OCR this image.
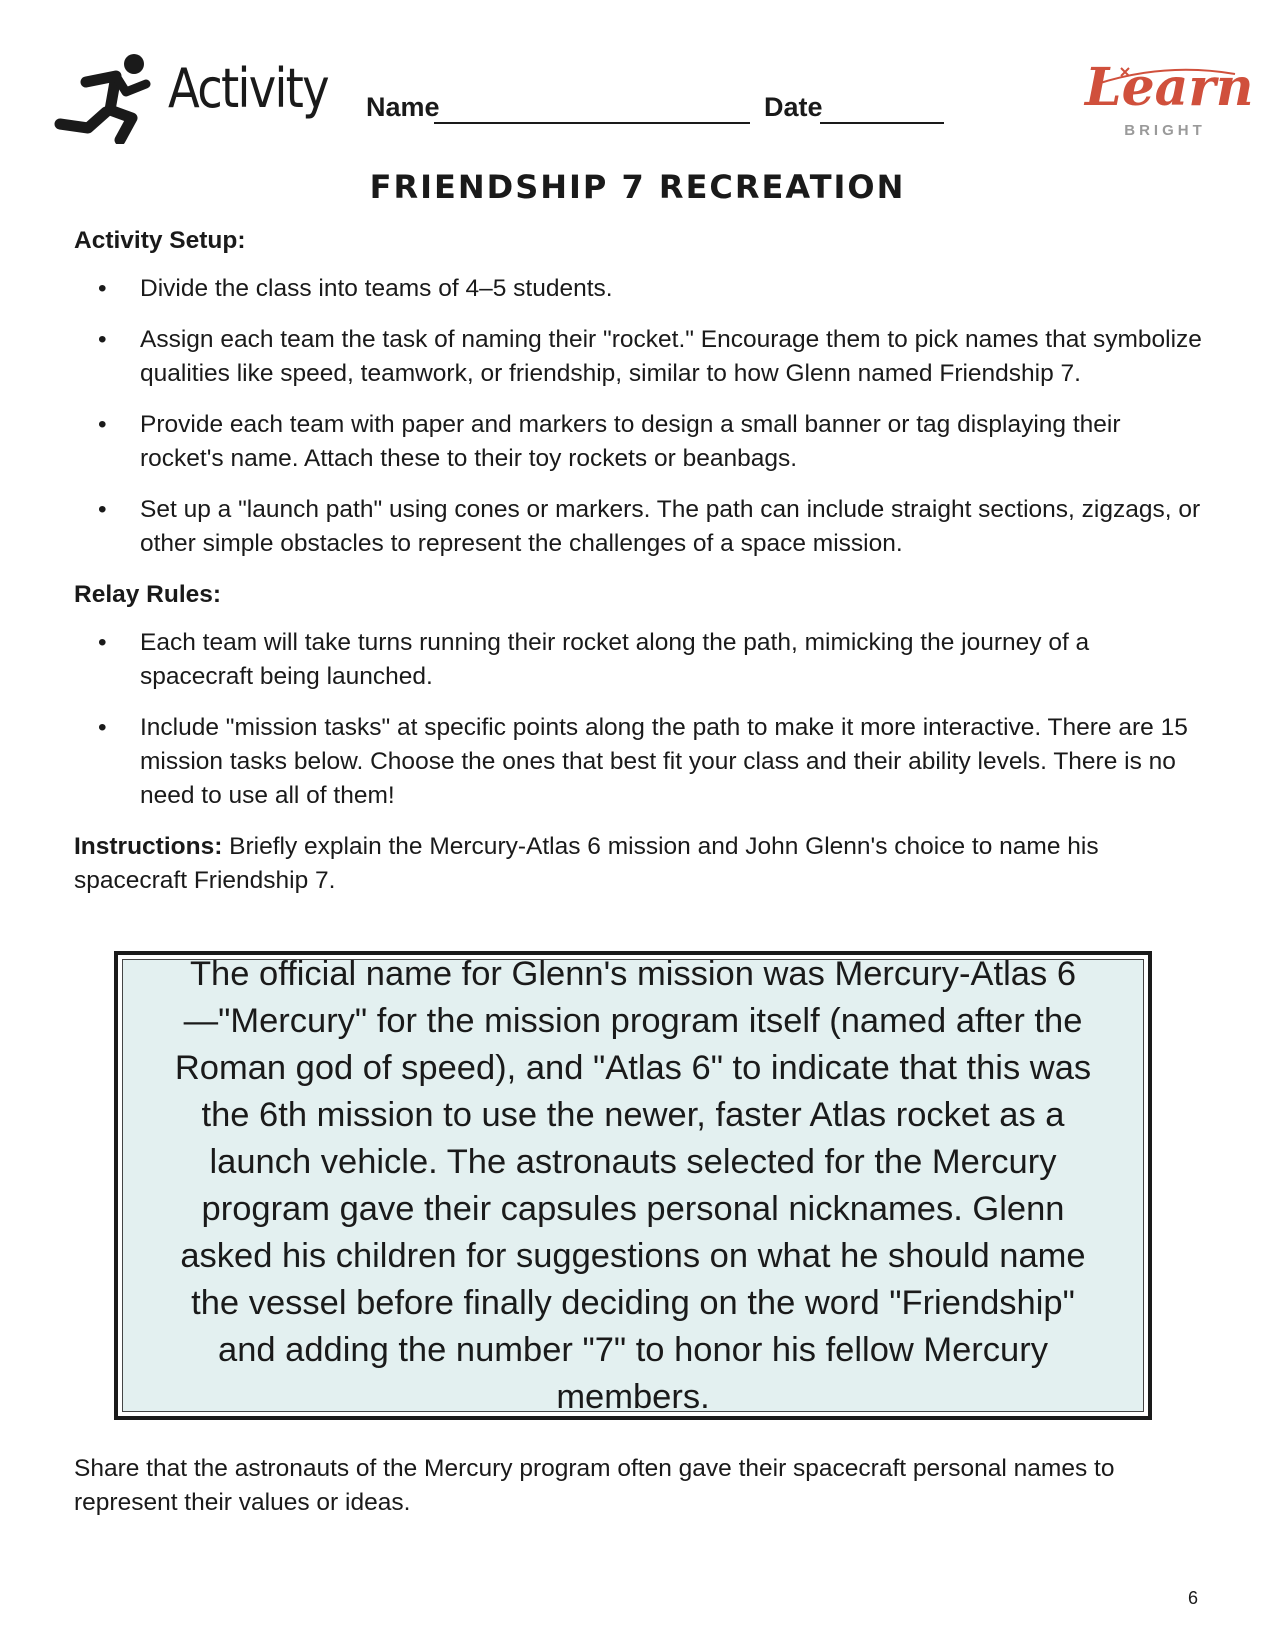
Activity Name	Date	Learn
BRIGHT
FRIENDSHIP 7 RECREATION
Activity Setup:
• Divide the class into teams of 4–5 students.
• Assign each team the task of naming their "rocket." Encourage them to pick names that symbolize qualities like speed, teamwork, or friendship, similar to how Glenn named Friendship 7.
• Provide each team with paper and markers to design a small banner or tag displaying their rocket's name. Attach these to their toy rockets or beanbags.
• Set up a "launch path" using cones or markers. The path can include straight sections, zigzags, or other simple obstacles to represent the challenges of a space mission.
Relay Rules:
• Each team will take turns running their rocket along the path, mimicking the journey of a spacecraft being launched.
• Include "mission tasks" at specific points along the path to make it more interactive. There are 15 mission tasks below. Choose the ones that best fit your class and their ability levels. There is no need to use all of them!
Instructions: Briefly explain the Mercury-Atlas 6 mission and John Glenn's choice to name his spacecraft Friendship 7.
The official name for Glenn's mission was Mercury-Atlas 6—"Mercury" for the mission program itself (named after the Roman god of speed), and "Atlas 6" to indicate that this was the 6th mission to use the newer, faster Atlas rocket as a launch vehicle. The astronauts selected for the Mercury program gave their capsules personal nicknames. Glenn asked his children for suggestions on what he should name the vessel before finally deciding on the word "Friendship" and adding the number "7" to honor his fellow Mercury members.
Share that the astronauts of the Mercury program often gave their spacecraft personal names to represent their values or ideas.
6
